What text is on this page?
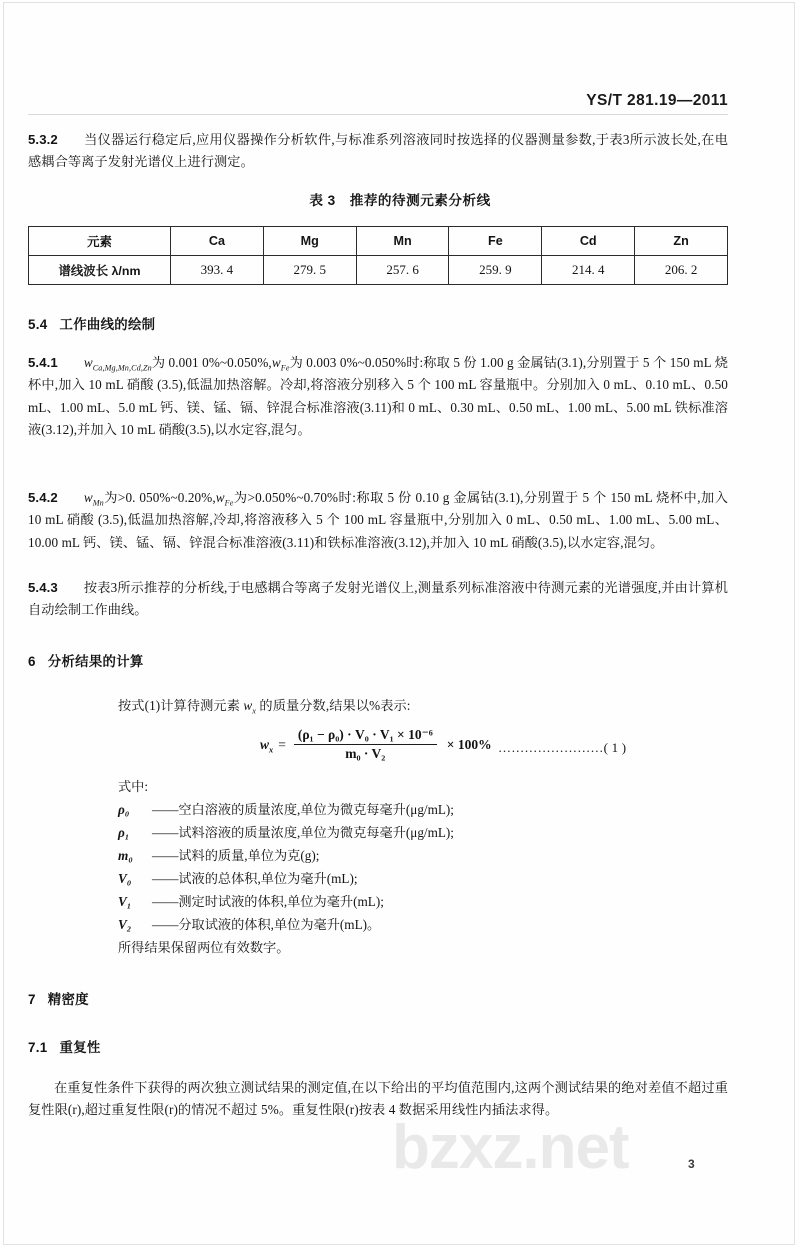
YS/T 281.19—2011
5.3.2 当仪器运行稳定后,应用仪器操作分析软件,与标准系列溶液同时按选择的仪器测量参数,于表3所示波长处,在电感耦合等离子发射光谱仪上进行测定。
表 3 推荐的待测元素分析线
元素	Ca	Mg	Mn	Fe	Cd	Zn
谱线波长 λ/nm	393. 4	279. 5	257. 6	259. 9	214. 4	206. 2
5.4 工作曲线的绘制
5.4.1 $w_{Ca,Mg,Mn,Cd,Zn}$为 0.001 $0\%\sim 0.050\%,w_{Fe}$为 0.003 0%~0.050%时:称取 5 份 1.00 g 金属钴(3.1),分别置于 5 个 150 mL 烧杯中,加入 10 mL 硝酸 (3.5),低温加热溶解。冷却,将溶液分别移入 5 个 100 mL 容量瓶中。分别加入 0 mL、0.10 mL、0.50 mL、1.00 mL、5.0 mL 钙、镁、锰、镉、锌混合标准溶液(3.11)和 0 mL、0.30 mL、0.50 mL、1.00 mL、5.00 mL 铁标准溶液(3.12),并加入 10 mL 硝酸(3.5),以水定容,混匀。
5.4.2 $w_{Mn}$为>0. $050\%\sim 0.20\%,w_{Fe}$为>0.050%~0.70%时:称取 5 份 0.10 g 金属钴(3.1),分别置于 5 个 150 mL 烧杯中,加入 10 mL 硝酸 (3.5),低温加热溶解,冷却,将溶液移入 5 个 100 mL 容量瓶中,分别加入 0 mL、0.50 mL、1.00 mL、5.00 mL、10.00 mL 钙、镁、锰、镉、锌混合标准溶液(3.11)和铁标准溶液(3.12),并加入 10 mL 硝酸(3.5),以水定容,混匀。
5.4.3 按表3所示推荐的分析线,于电感耦合等离子发射光谱仪上,测量系列标准溶液中待测元素的光谱强度,并由计算机自动绘制工作曲线。
6 分析结果的计算
按式(1)计算待测元素 $w_x$ 的质量分数,结果以%表示:
$w_x = \frac{\text{(ρ₁ − ρ₀) · V₀ · V₁ × 10⁻⁶}}{\text{m₀ · V₂}} \times 100\%$ ……………………( 1 )
式中:
ρ₀ ——空白溶液的质量浓度,单位为微克每毫升(μg/mL);
ρ₁ ——试料溶液的质量浓度,单位为微克每毫升(μg/mL);
m₀ ——试料的质量,单位为克(g);
V₀ ——试液的总体积,单位为毫升(mL);
V₁ ——测定时试液的体积,单位为毫升(mL);
V₂ ——分取试液的体积,单位为毫升(mL)。
所得结果保留两位有效数字。
7 精密度
7.1 重复性
在重复性条件下获得的两次独立测试结果的测定值,在以下给出的平均值范围内,这两个测试结果的绝对差值不超过重复性限(r),超过重复性限(r)的情况不超过 5%。重复性限(r)按表 4 数据采用线性内插法求得。
bzxz.net	3
